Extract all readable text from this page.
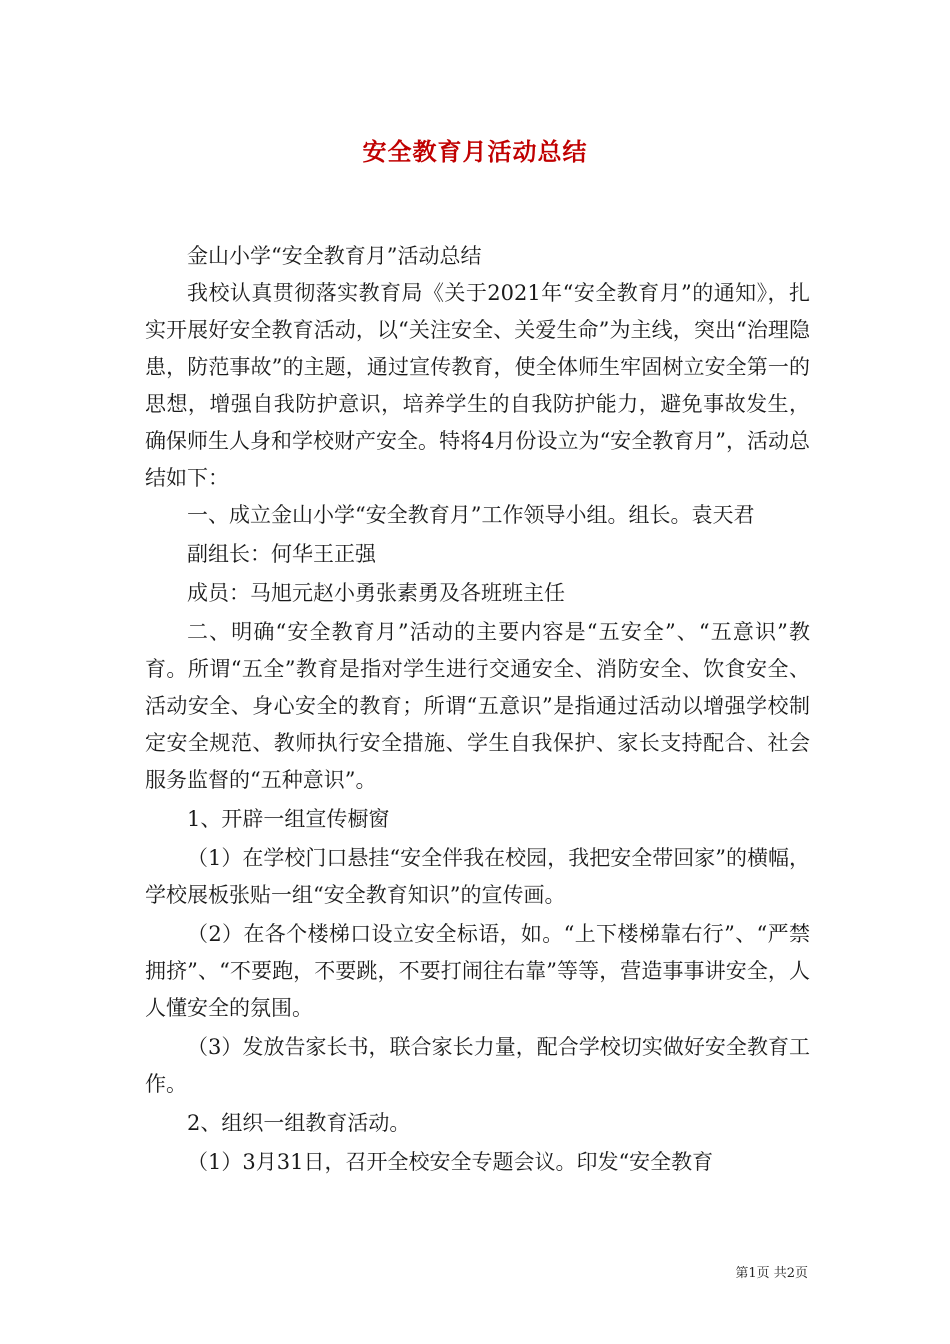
安全教育月活动总结

金山小学“安全教育月”活动总结

我校认真贯彻落实教育局《关于2021年“安全教育月”的通知》，扎实开展好安全教育活动，以“关注安全、关爱生命”为主线，突出“治理隐患，防范事故”的主题，通过宣传教育，使全体师生牢固树立安全第一的思想，增强自我防护意识，培养学生的自我防护能力，避免事故发生，确保师生人身和学校财产安全。特将4月份设立为“安全教育月”，活动总结如下：

一、成立金山小学“安全教育月”工作领导小组。组长。袁天君

副组长：何华王正强

成员：马旭元赵小勇张素勇及各班班主任

二、明确“安全教育月”活动的主要内容是“五安全”、“五意识”教育。所谓“五全”教育是指对学生进行交通安全、消防安全、饮食安全、活动安全、身心安全的教育；所谓“五意识”是指通过活动以增强学校制定安全规范、教师执行安全措施、学生自我保护、家长支持配合、社会服务监督的“五种意识”。

1、开辟一组宣传橱窗

（1）在学校门口悬挂“安全伴我在校园，我把安全带回家”的横幅，学校展板张贴一组“安全教育知识”的宣传画。

（2）在各个楼梯口设立安全标语，如。“上下楼梯靠右行”、“严禁拥挤”、“不要跑，不要跳，不要打闹往右靠”等等，营造事事讲安全，人人懂安全的氛围。

（3）发放告家长书，联合家长力量，配合学校切实做好安全教育工作。

2、组织一组教育活动。

（1）3月31日，召开全校安全专题会议。印发“安全教育

第1页 共2页
